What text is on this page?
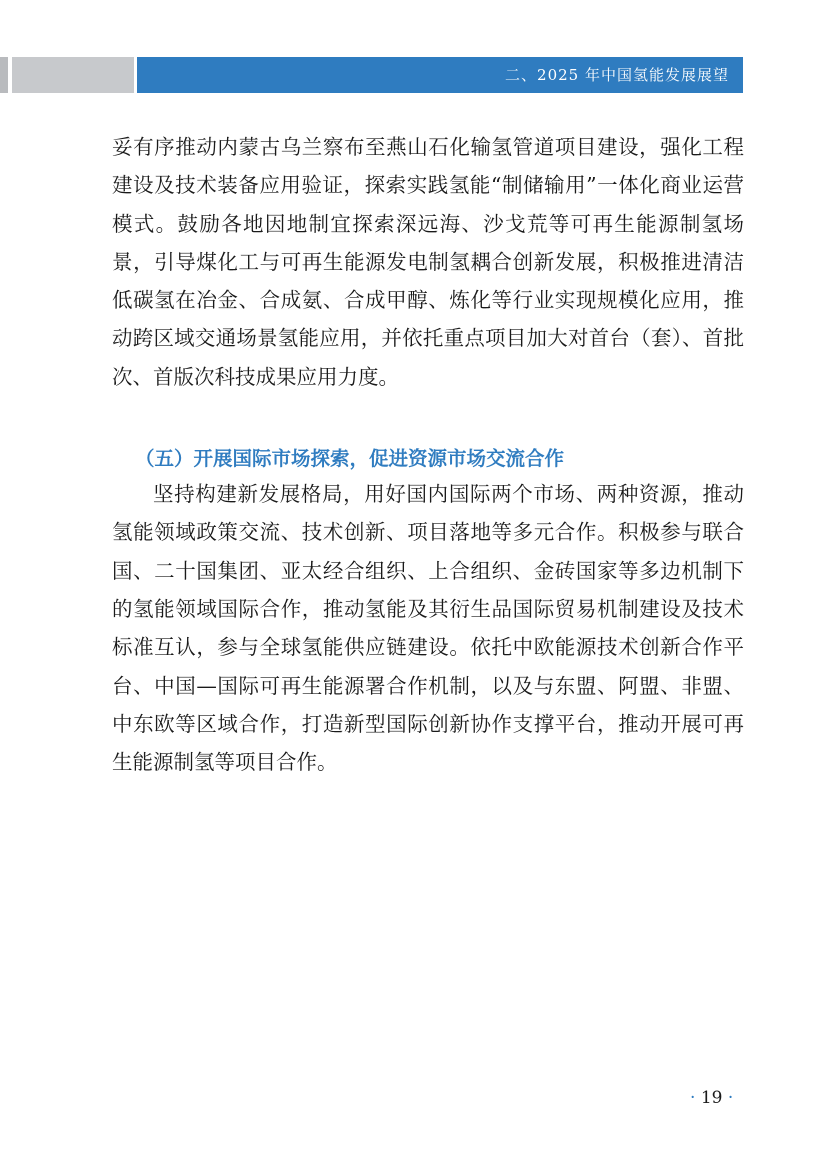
二、2025 年中国氢能发展展望

妥有序推动内蒙古乌兰察布至燕山石化输氢管道项目建设，强化工程建设及技术装备应用验证，探索实践氢能“制储输用”一体化商业运营模式。鼓励各地因地制宜探索深远海、沙戈荒等可再生能源制氢场景，引导煤化工与可再生能源发电制氢耦合创新发展，积极推进清洁低碳氢在冶金、合成氨、合成甲醇、炼化等行业实现规模化应用，推动跨区域交通场景氢能应用，并依托重点项目加大对首台（套）、首批次、首版次科技成果应用力度。

（五）开展国际市场探索，促进资源市场交流合作

坚持构建新发展格局，用好国内国际两个市场、两种资源，推动氢能领域政策交流、技术创新、项目落地等多元合作。积极参与联合国、二十国集团、亚太经合组织、上合组织、金砖国家等多边机制下的氢能领域国际合作，推动氢能及其衍生品国际贸易机制建设及技术标准互认，参与全球氢能供应链建设。依托中欧能源技术创新合作平台、中国—国际可再生能源署合作机制，以及与东盟、阿盟、非盟、中东欧等区域合作，打造新型国际创新协作支撑平台，推动开展可再生能源制氢等项目合作。

· 19 ·
